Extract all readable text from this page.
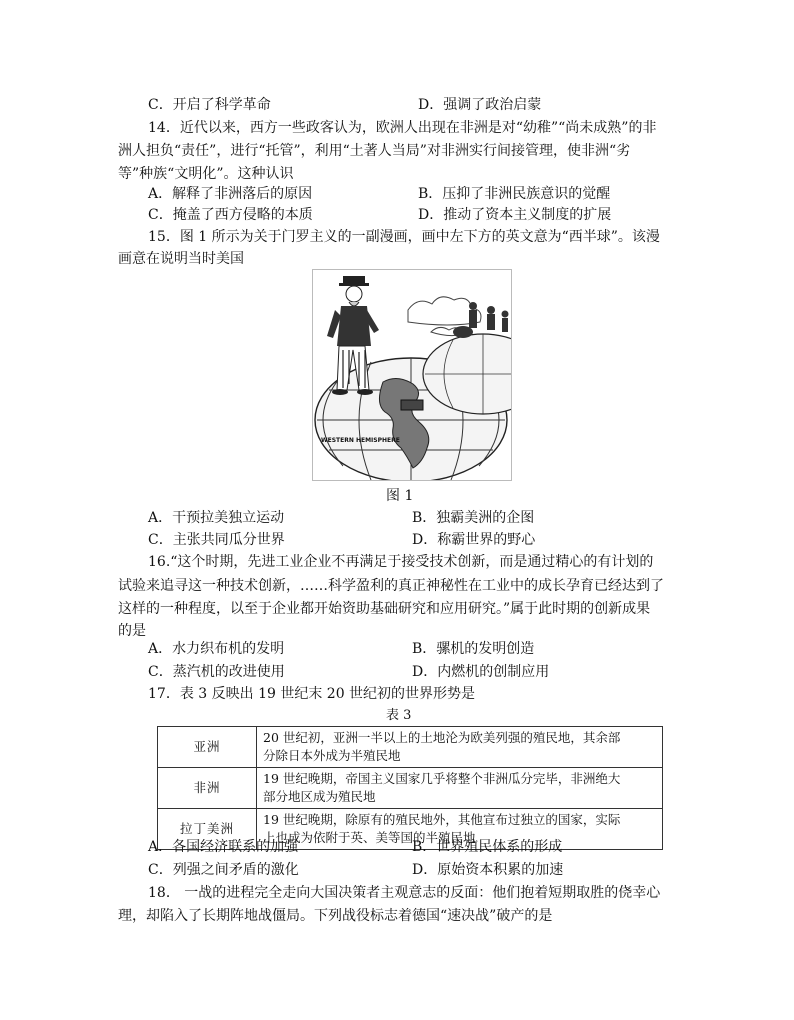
C．开启了科学革命	D．强调了政治启蒙
14．近代以来，西方一些政客认为，欧洲人出现在非洲是对“幼稚”“尚未成熟”的非
洲人担负“责任”，进行“托管”，利用“土著人当局”对非洲实行间接管理，使非洲“劣
等”种族“文明化”。这种认识
A．解释了非洲落后的原因	B．压抑了非洲民族意识的觉醒
C．掩盖了西方侵略的本质	D．推动了资本主义制度的扩展
15．图 1 所示为关于门罗主义的一副漫画，画中左下方的英文意为“西半球”。该漫
画意在说明当时美国
WESTERN HEMISPHERE
图 1
A．干预拉美独立运动	B．独霸美洲的企图
C．主张共同瓜分世界	D．称霸世界的野心
16.“这个时期，先进工业企业不再满足于接受技术创新，而是通过精心的有计划的
试验来追寻这一种技术创新，……科学盈利的真正神秘性在工业中的成长孕育已经达到了
这样的一种程度，以至于企业都开始资助基础研究和应用研究。”属于此时期的创新成果
的是
A．水力织布机的发明	B．骡机的发明创造
C．蒸汽机的改进使用	D．内燃机的创制应用
17．表 3 反映出 19 世纪末 20 世纪初的世界形势是
表 3
亚洲	20 世纪初，亚洲一半以上的土地沦为欧美列强的殖民地，其余部
分除日本外成为半殖民地
非洲	19 世纪晚期，帝国主义国家几乎将整个非洲瓜分完毕，非洲绝大
部分地区成为殖民地
拉丁美洲	19 世纪晚期，除原有的殖民地外，其他宣布过独立的国家，实际
上也成为依附于英、美等国的半殖民地
A．各国经济联系的加强	B．世界殖民体系的形成
C．列强之间矛盾的激化	D．原始资本积累的加速
18． 一战的进程完全走向大国决策者主观意志的反面：他们抱着短期取胜的侥幸心
理，却陷入了长期阵地战僵局。下列战役标志着德国“速决战”破产的是
